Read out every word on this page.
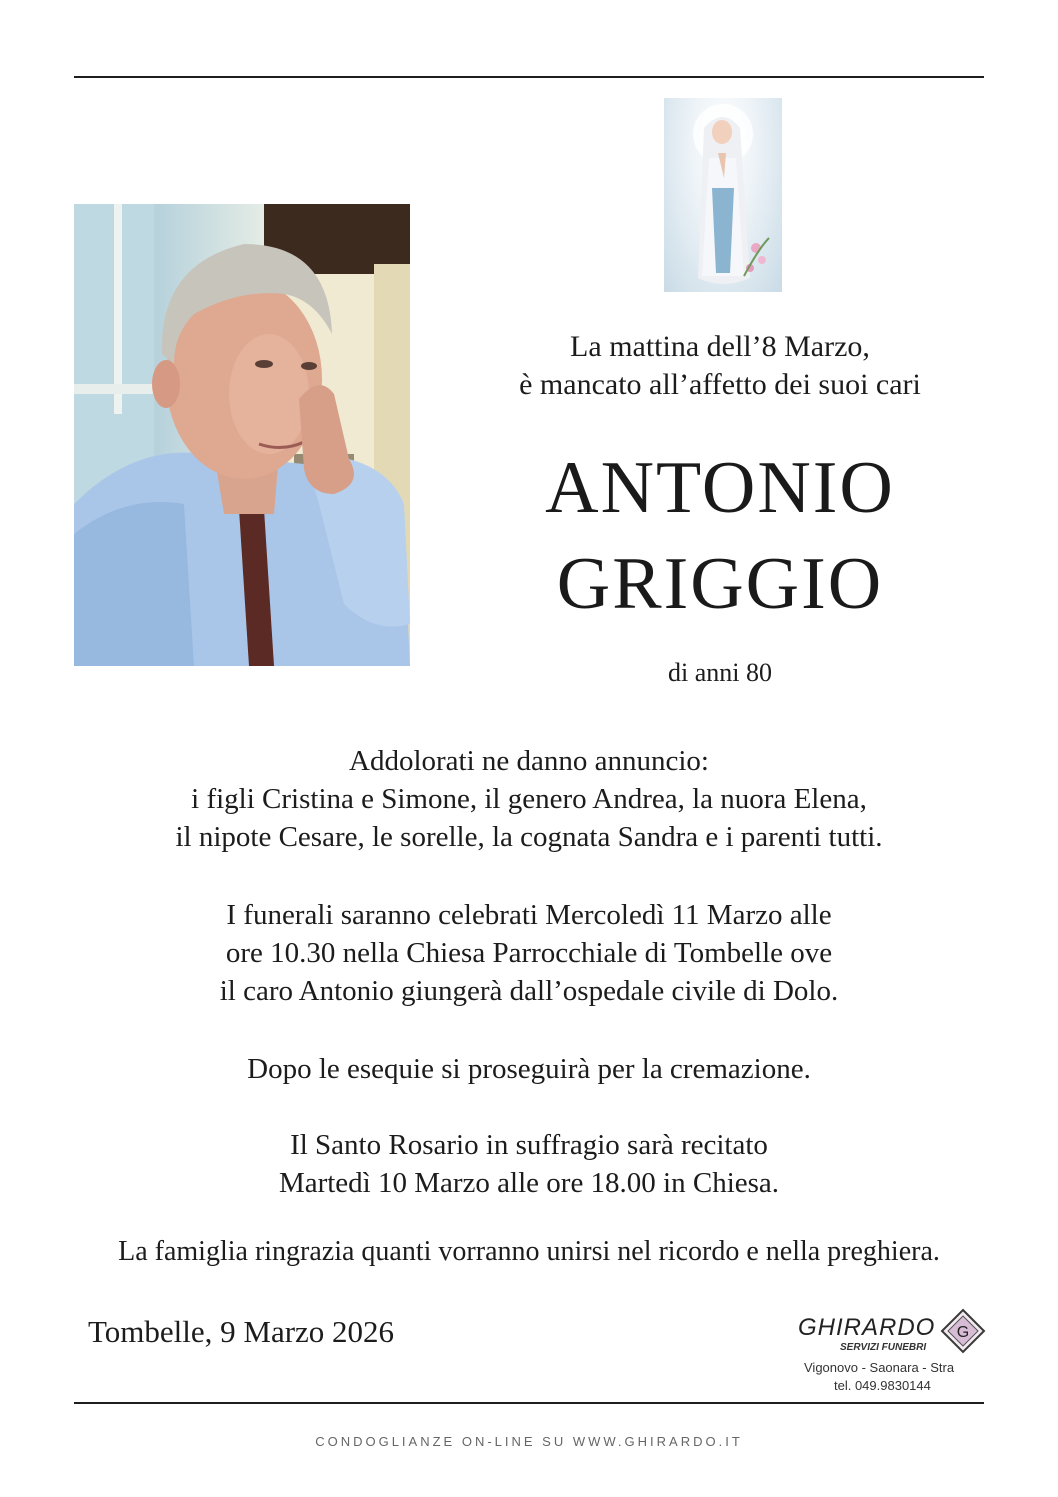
La mattina dell’8 Marzo,
è mancato all’affetto dei suoi cari
ANTONIO
GRIGGIO
di anni 80
Addolorati ne danno annuncio:
i figli Cristina e Simone, il genero Andrea, la nuora Elena,
il nipote Cesare, le sorelle, la cognata Sandra e i parenti tutti.
I funerali saranno celebrati Mercoledì 11 Marzo alle
ore 10.30 nella Chiesa Parrocchiale di Tombelle ove
il caro Antonio giungerà dall’ospedale civile di Dolo.
Dopo le esequie si proseguirà per la cremazione.
Il Santo Rosario in suffragio sarà recitato
Martedì 10 Marzo alle ore 18.00 in Chiesa.
La famiglia ringrazia quanti vorranno unirsi nel ricordo e nella preghiera.
Tombelle, 9 Marzo 2026	GHIRARDO
SERVIZI FUNEBRI
G
Vigonovo - Saonara - Stra
tel. 049.9830144
CONDOGLIANZE ON-LINE SU WWW.GHIRARDO.IT
